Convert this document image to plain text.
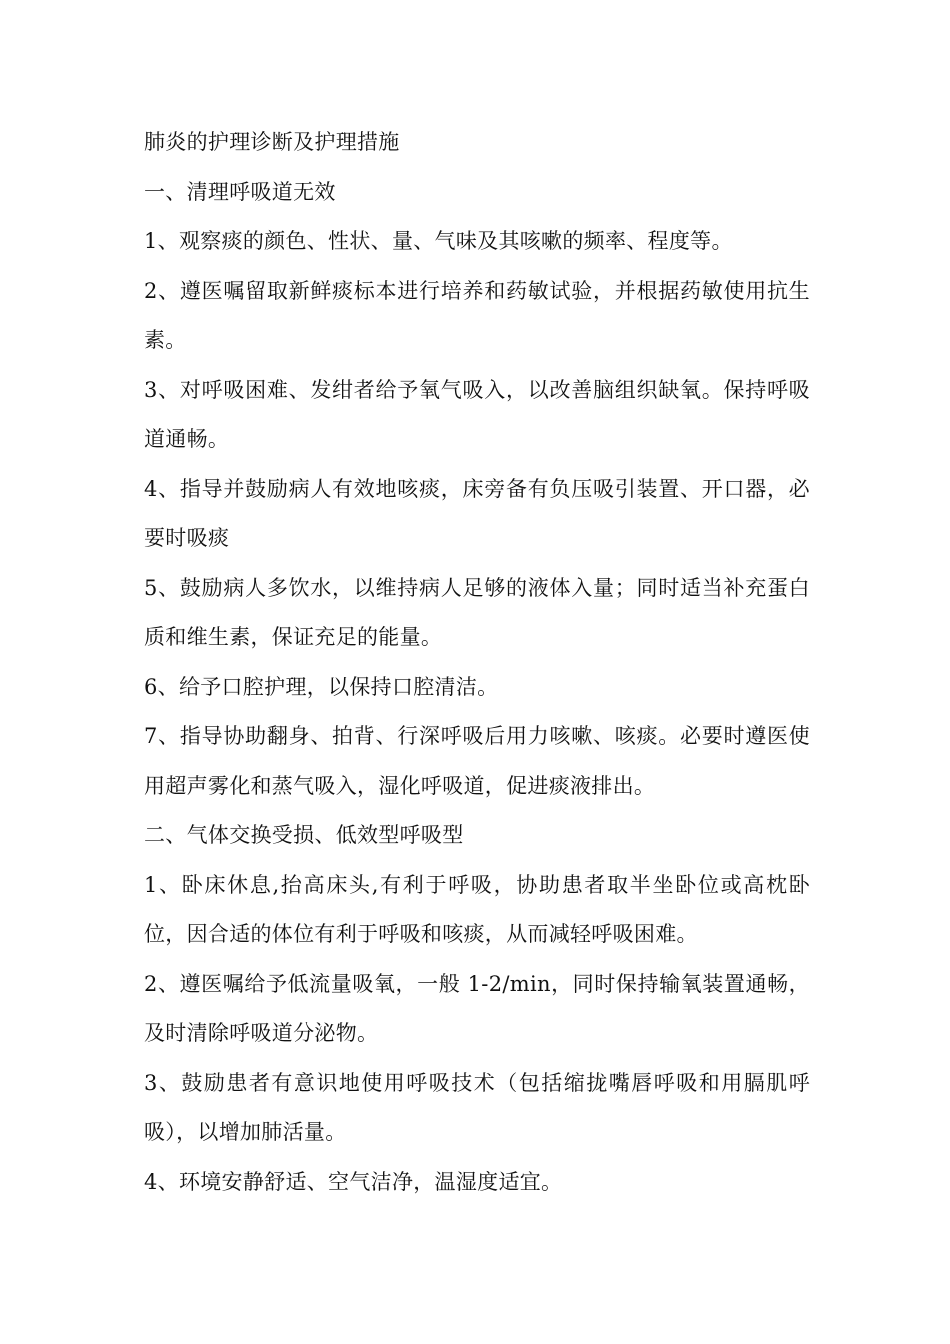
肺炎的护理诊断及护理措施

一、清理呼吸道无效

1、观察痰的颜色、性状、量、气味及其咳嗽的频率、程度等。

2、遵医嘱留取新鲜痰标本进行培养和药敏试验，并根据药敏使用抗生素。

3、对呼吸困难、发绀者给予氧气吸入，以改善脑组织缺氧。保持呼吸道通畅。

4、指导并鼓励病人有效地咳痰，床旁备有负压吸引装置、开口器，必要时吸痰

5、鼓励病人多饮水，以维持病人足够的液体入量；同时适当补充蛋白质和维生素，保证充足的能量。

6、给予口腔护理，以保持口腔清洁。

7、指导协助翻身、拍背、行深呼吸后用力咳嗽、咳痰。必要时遵医使用超声雾化和蒸气吸入，湿化呼吸道，促进痰液排出。

二、气体交换受损、低效型呼吸型

1、卧床休息,抬高床头,有利于呼吸，协助患者取半坐卧位或高枕卧位，因合适的体位有利于呼吸和咳痰，从而减轻呼吸困难。

2、遵医嘱给予低流量吸氧，一般 1-2/min，同时保持输氧装置通畅，及时清除呼吸道分泌物。

3、鼓励患者有意识地使用呼吸技术（包括缩拢嘴唇呼吸和用膈肌呼吸），以增加肺活量。

4、环境安静舒适、空气洁净，温湿度适宜。
